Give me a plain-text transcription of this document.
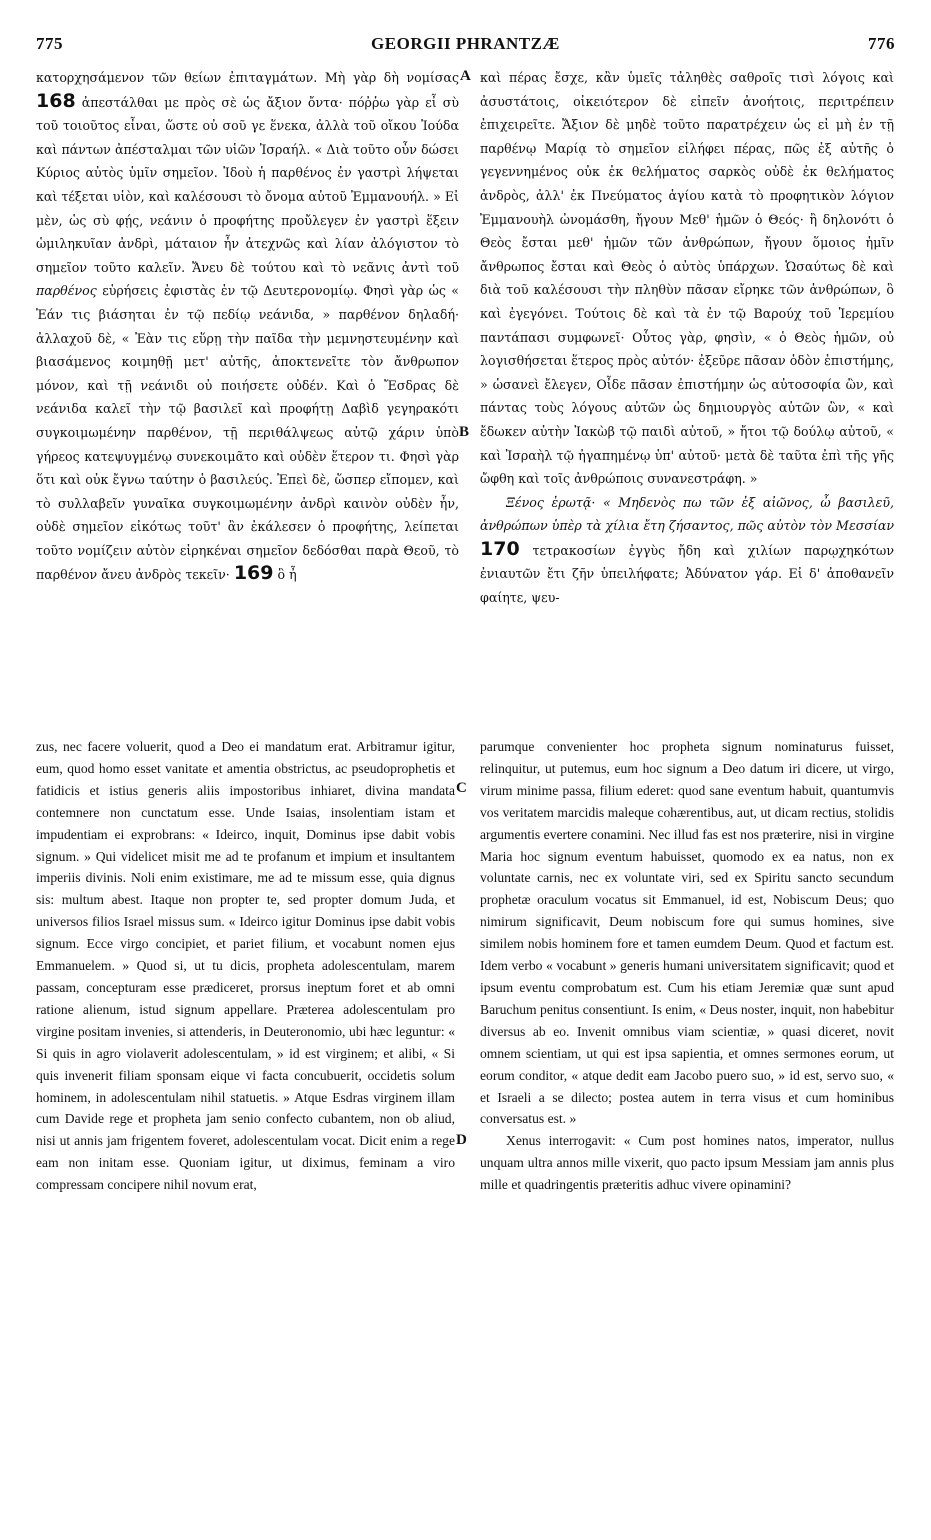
775	GEORGII PHRANTZÆ	776
A
B
C
D

κατορχησάμενον τῶν θείων ἐπιταγμάτων. Μὴ γὰρ δὴ νομίσας 168 ἀπεστάλθαι με πρὸς σὲ ὡς ἄξιον ὄντα· πόῤῥω γὰρ εἶ σὺ τοῦ τοιοῦτος εἶναι, ὥστε οὐ σοῦ γε ἕνεκα, ἀλλὰ τοῦ οἴκου Ἰούδα καὶ πάντων ἀπέσταλμαι τῶν υἱῶν Ἰσραήλ. « Διὰ τοῦτο οὖν δώσει Κύριος αὐτὸς ὑμῖν σημεῖον. Ἰδοὺ ἡ παρθένος ἐν γαστρὶ λήψεται καὶ τέξεται υἱὸν, καὶ καλέσουσι τὸ ὄνομα αὐτοῦ Ἐμμανουήλ. » Εἰ μὲν, ὡς σὺ φῄς, νεάνιν ὁ προφήτης προὔλεγεν ἐν γαστρὶ ἕξειν ὡμιληκυῖαν ἀνδρὶ, μάταιον ἦν ἀτεχνῶς καὶ λίαν ἀλόγιστον τὸ σημεῖον τοῦτο καλεῖν. Ἄνευ δὲ τούτου καὶ τὸ νεᾶνις ἀντὶ τοῦ παρθένος εὑρήσεις ἐφιστὰς ἐν τῷ Δευτερονομίῳ. Φησὶ γὰρ ὡς « Ἐάν τις βιάσηται ἐν τῷ πεδίῳ νεάνιδα, » παρθένον δηλαδή· ἀλλαχοῦ δὲ, « Ἐὰν τις εὕρῃ τὴν παῖδα τὴν μεμνηστευμένην καὶ βιασάμενος κοιμηθῇ μετ' αὐτῆς, ἀποκτενεῖτε τὸν ἄνθρωπον μόνον, καὶ τῇ νεάνιδι οὐ ποιήσετε οὐδέν. Καὶ ὁ Ἔσδρας δὲ νεάνιδα καλεῖ τὴν τῷ βασιλεῖ καὶ προφήτῃ Δαβὶδ γεγηρακότι συγκοιμωμένην παρθένον, τῇ περιθάλψεως αὐτῷ χάριν ὑπὸ γήρεος κατεψυγμένῳ συνεκοιμᾶτο καὶ οὐδὲν ἕτερον τι. Φησὶ γὰρ ὅτι καὶ οὐκ ἔγνω ταύτην ὁ βασιλεύς. Ἐπεὶ δὲ, ὥσπερ εἴπομεν, καὶ τὸ συλλαβεῖν γυναῖκα συγκοιμωμένην ἀνδρὶ καινὸν οὐδὲν ἦν, οὐδὲ σημεῖον εἰκότως τοῦτ' ἂν ἐκάλεσεν ὁ προφήτης, λείπεται τοῦτο νομίζειν αὐτὸν εἰρηκέναι σημεῖον δεδόσθαι παρὰ Θεοῦ, τὸ παρθένον ἄνευ ἀνδρὸς τεκεῖν· 169 ὃ ἦ

καὶ πέρας ἔσχε, κἂν ὑμεῖς τἀληθὲς σαθροῖς τισὶ λόγοις καὶ ἀσυστάτοις, οἰκειότερον δὲ εἰπεῖν ἀνοήτοις, περιτρέπειν ἐπιχειρεῖτε. Ἄξιον δὲ μηδὲ τοῦτο παρατρέχειν ὡς εἰ μὴ ἐν τῇ παρθένῳ Μαρίᾳ τὸ σημεῖον εἰλήφει πέρας, πῶς ἐξ αὐτῆς ὁ γεγεννημένος οὐκ ἐκ θελήματος σαρκὸς οὐδὲ ἐκ θελήματος ἀνδρὸς, ἀλλ' ἐκ Πνεύματος ἁγίου κατὰ τὸ προφητικὸν λόγιον Ἐμμανουὴλ ὠνομάσθη, ἤγουν Μεθ' ἡμῶν ὁ Θεός· ἢ δηλονότι ὁ Θεὸς ἔσται μεθ' ἡμῶν τῶν ἀνθρώπων, ἤγουν ὅμοιος ἡμῖν ἄνθρωπος ἔσται καὶ Θεὸς ὁ αὐτὸς ὑπάρχων. Ὡσαύτως δὲ καὶ διὰ τοῦ καλέσουσι τὴν πληθὺν πᾶσαν εἴρηκε τῶν ἀνθρώπων, ὃ καὶ ἐγεγόνει. Τούτοις δὲ καὶ τὰ ἐν τῷ Βαρούχ τοῦ Ἱερεμίου παντάπασι συμφωνεῖ· Οὗτος γὰρ, φησὶν, « ὁ Θεὸς ἡμῶν, οὐ λογισθήσεται ἕτερος πρὸς αὐτόν· ἐξεῦρε πᾶσαν ὁδὸν ἐπιστήμης, » ὡσανεὶ ἔλεγεν, Οἶδε πᾶσαν ἐπιστήμην ὡς αὐτοσοφία ὢν, καὶ πάντας τοὺς λόγους αὐτῶν ὡς δημιουργὸς αὐτῶν ὢν, « καὶ ἔδωκεν αὐτὴν Ἰακὼβ τῷ παιδὶ αὐτοῦ, » ἤτοι τῷ δούλῳ αὐτοῦ, « καὶ Ἰσραὴλ τῷ ἠγαπημένῳ ὑπ' αὐτοῦ· μετὰ δὲ ταῦτα ἐπὶ τῆς γῆς ὤφθη καὶ τοῖς ἀνθρώποις συνανεστράφη. »

Ξένος ἐρωτᾷ· « Μηδενὸς πω τῶν ἐξ αἰῶνος, ὦ βασιλεῦ, ἀνθρώπων ὑπὲρ τὰ χίλια ἔτη ζήσαντος, πῶς αὐτὸν τὸν Μεσσίαν 170 τετρακοσίων ἐγγὺς ἤδη καὶ χιλίων παρῳχηκότων ἐνιαυτῶν ἔτι ζῆν ὑπειλήφατε; Ἀδύνατον γάρ. Εἰ δ' ἀποθανεῖν φαίητε, ψευ-

zus, nec facere voluerit, quod a Deo ei mandatum erat. Arbitramur igitur, eum, quod homo esset vanitate et amentia obstrictus, ac pseudoprophetis et fatidicis et istius generis aliis impostoribus inhiaret, divina mandata contemnere non cunctatum esse. Unde Isaias, insolentiam istam et impudentiam ei exprobrans: « Ideirco, inquit, Dominus ipse dabit vobis signum. » Qui videlicet misit me ad te profanum et impium et insultantem imperiis divinis. Noli enim existimare, me ad te missum esse, quia dignus sis: multum abest. Itaque non propter te, sed propter domum Juda, et universos filios Israel missus sum. « Ideirco igitur Dominus ipse dabit vobis signum. Ecce virgo concipiet, et pariet filium, et vocabunt nomen ejus Emmanuelem. » Quod si, ut tu dicis, propheta adolescentulam, marem passam, concepturam esse prædiceret, prorsus ineptum foret et ab omni ratione alienum, istud signum appellare. Præterea adolescentulam pro virgine positam invenies, si attenderis, in Deuteronomio, ubi hæc leguntur: « Si quis in agro violaverit adolescentulam, » id est virginem; et alibi, « Si quis invenerit filiam sponsam eique vi facta concubuerit, occidetis solum hominem, in adolescentulam nihil statuetis. » Atque Esdras virginem illam cum Davide rege et propheta jam senio confecto cubantem, non ob aliud, nisi ut annis jam frigentem foveret, adolescentulam vocat. Dicit enim a rege eam non initam esse. Quoniam igitur, ut diximus, feminam a viro compressam concipere nihil novum erat,

parumque convenienter hoc propheta signum nominaturus fuisset, relinquitur, ut putemus, eum hoc signum a Deo datum iri dicere, ut virgo, virum minime passa, filium ederet: quod sane eventum habuit, quantumvis vos veritatem marcidis maleque cohærentibus, aut, ut dicam rectius, stolidis argumentis evertere conamini. Nec illud fas est nos præterire, nisi in virgine Maria hoc signum eventum habuisset, quomodo ex ea natus, non ex voluntate carnis, nec ex voluntate viri, sed ex Spiritu sancto secundum prophetæ oraculum vocatus sit Emmanuel, id est, Nobiscum Deus; quo nimirum significavit, Deum nobiscum fore qui sumus homines, sive similem nobis hominem fore et tamen eumdem Deum. Quod et factum est. Idem verbo « vocabunt » generis humani universitatem significavit; quod et ipsum eventu comprobatum est. Cum his etiam Jeremiæ quæ sunt apud Baruchum penitus consentiunt. Is enim, « Deus noster, inquit, non habebitur diversus ab eo. Invenit omnibus viam scientiæ, » quasi diceret, novit omnem scientiam, ut qui est ipsa sapientia, et omnes sermones eorum, ut eorum conditor, « atque dedit eam Jacobo puero suo, » id est, servo suo, « et Israeli a se dilecto; postea autem in terra visus et cum hominibus conversatus est. »

Xenus interrogavit: « Cum post homines natos, imperator, nullus unquam ultra annos mille vixerit, quo pacto ipsum Messiam jam annis plus mille et quadringentis præteritis adhuc vivere opinamini?
